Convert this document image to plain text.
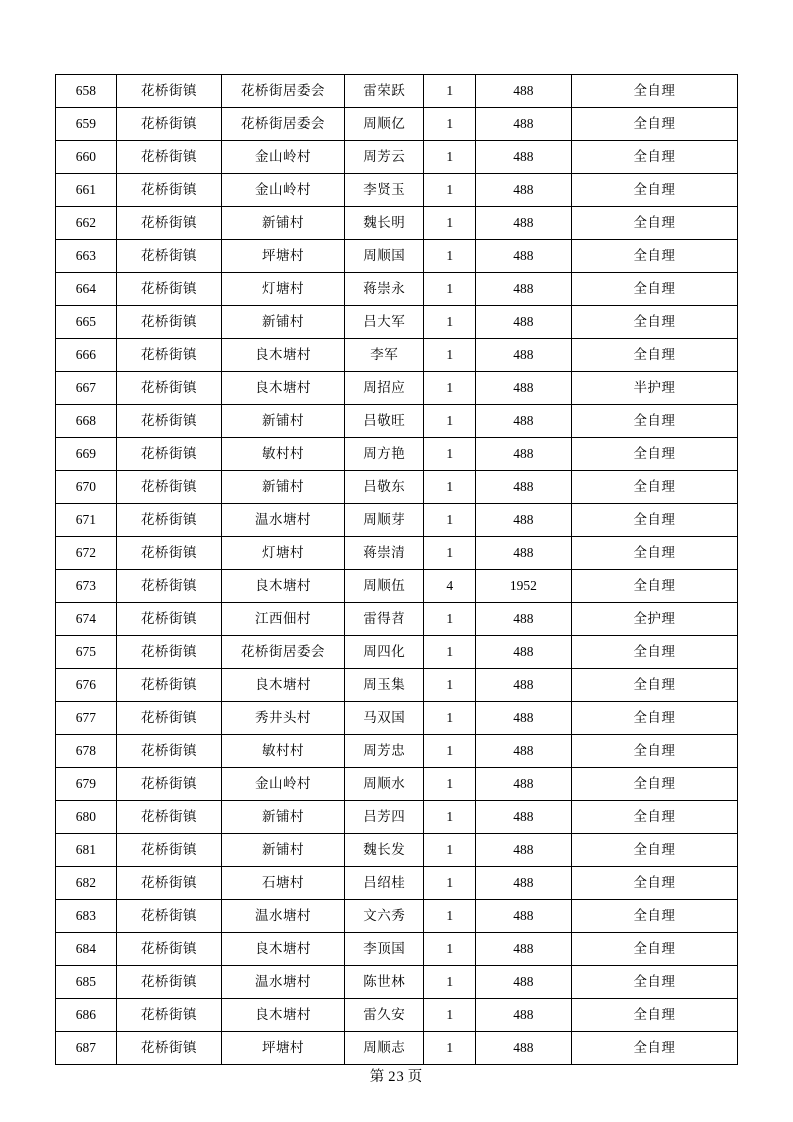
658	花桥街镇	花桥街居委会	雷荣跃	1	488	全自理
659	花桥街镇	花桥街居委会	周顺亿	1	488	全自理
660	花桥街镇	金山岭村	周芳云	1	488	全自理
661	花桥街镇	金山岭村	李贤玉	1	488	全自理
662	花桥街镇	新铺村	魏长明	1	488	全自理
663	花桥街镇	坪塘村	周顺国	1	488	全自理
664	花桥街镇	灯塘村	蒋崇永	1	488	全自理
665	花桥街镇	新铺村	吕大军	1	488	全自理
666	花桥街镇	良木塘村	李军	1	488	全自理
667	花桥街镇	良木塘村	周招应	1	488	半护理
668	花桥街镇	新铺村	吕敬旺	1	488	全自理
669	花桥街镇	敏村村	周方艳	1	488	全自理
670	花桥街镇	新铺村	吕敬东	1	488	全自理
671	花桥街镇	温水塘村	周顺芽	1	488	全自理
672	花桥街镇	灯塘村	蒋崇清	1	488	全自理
673	花桥街镇	良木塘村	周顺伍	4	1952	全自理
674	花桥街镇	江西佃村	雷得苕	1	488	全护理
675	花桥街镇	花桥街居委会	周四化	1	488	全自理
676	花桥街镇	良木塘村	周玉集	1	488	全自理
677	花桥街镇	秀井头村	马双国	1	488	全自理
678	花桥街镇	敏村村	周芳忠	1	488	全自理
679	花桥街镇	金山岭村	周顺水	1	488	全自理
680	花桥街镇	新铺村	吕芳四	1	488	全自理
681	花桥街镇	新铺村	魏长发	1	488	全自理
682	花桥街镇	石塘村	吕绍桂	1	488	全自理
683	花桥街镇	温水塘村	文六秀	1	488	全自理
684	花桥街镇	良木塘村	李顶国	1	488	全自理
685	花桥街镇	温水塘村	陈世林	1	488	全自理
686	花桥街镇	良木塘村	雷久安	1	488	全自理
687	花桥街镇	坪塘村	周顺志	1	488	全自理
第 23 页
